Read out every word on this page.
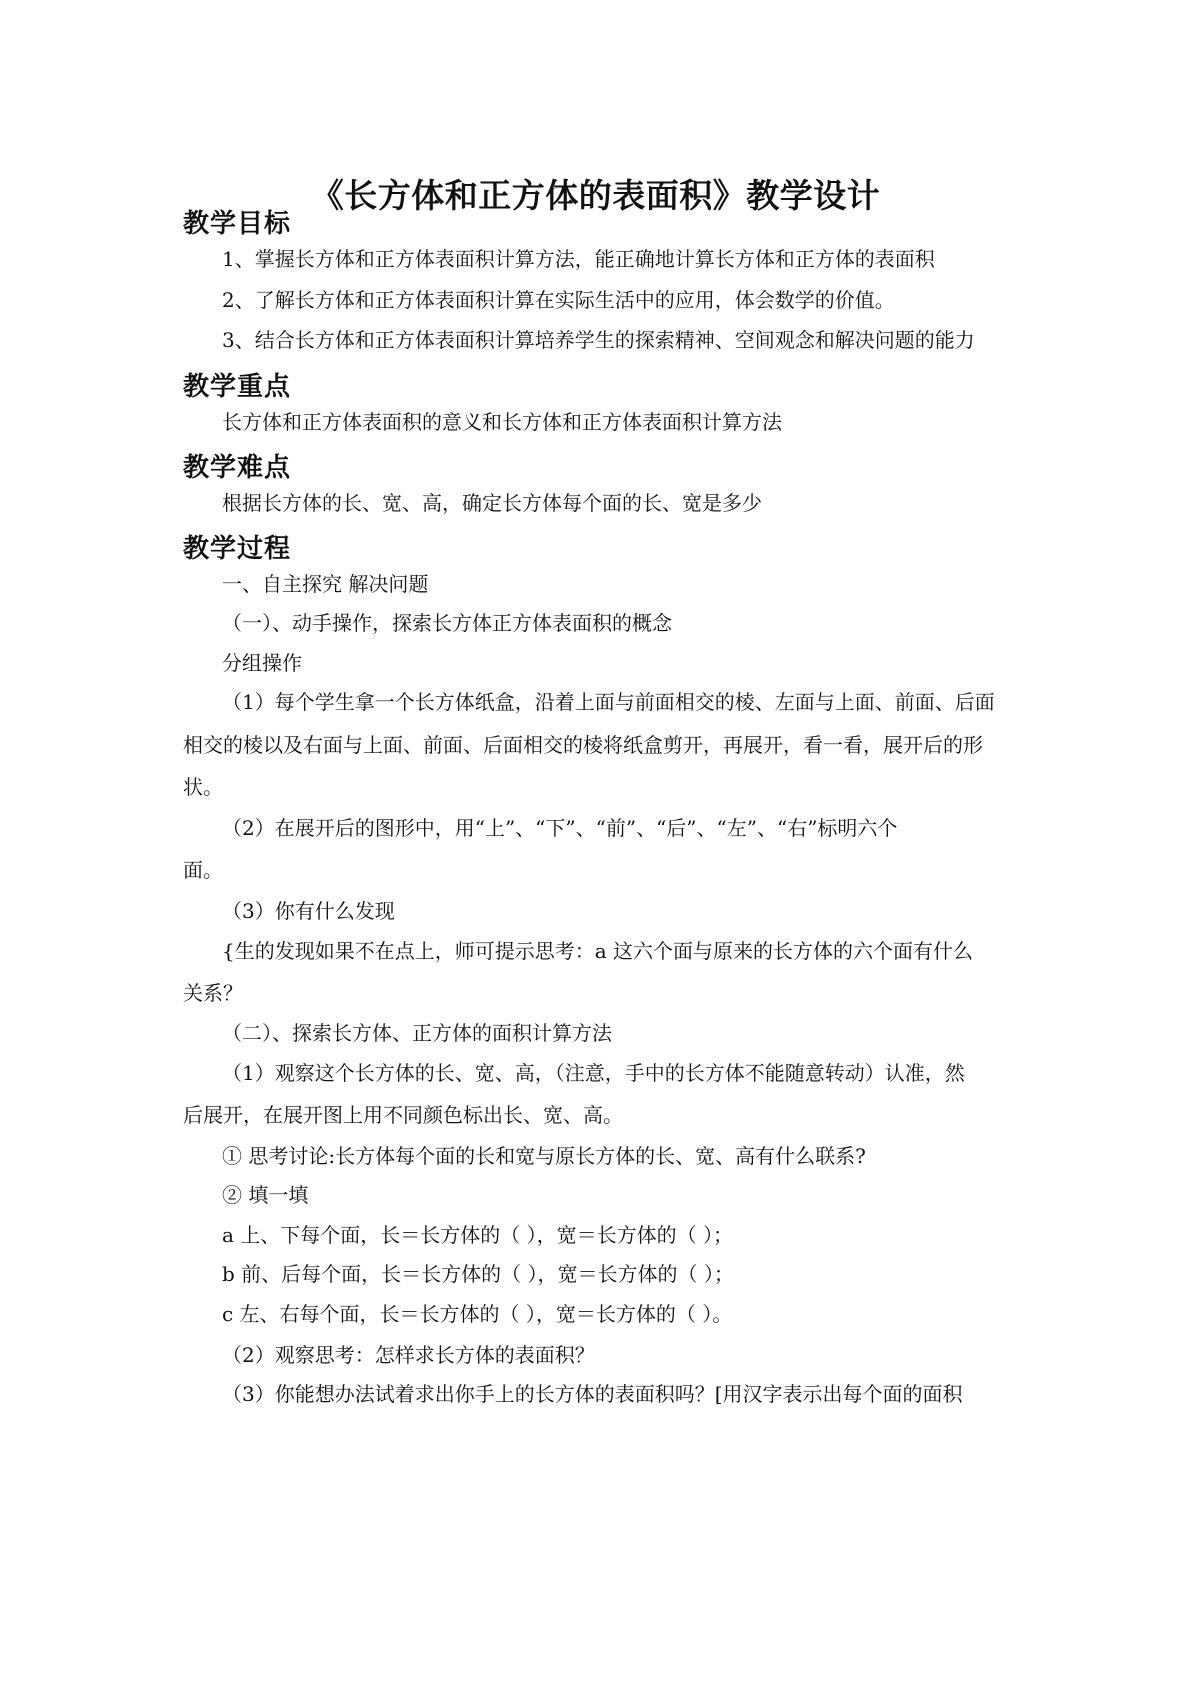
《长方体和正方体的表面积》教学设计
教学目标
1、掌握长方体和正方体表面积计算方法，能正确地计算长方体和正方体的表面积
2、了解长方体和正方体表面积计算在实际生活中的应用，体会数学的价值。
3、结合长方体和正方体表面积计算培养学生的探索精神、空间观念和解决问题的能力
教学重点
长方体和正方体表面积的意义和长方体和正方体表面积计算方法
教学难点
根据长方体的长、宽、高，确定长方体每个面的长、宽是多少
教学过程
一、自主探究 解决问题
（一）、动手操作，探索长方体正方体表面积的概念
分组操作
（1）每个学生拿一个长方体纸盒，沿着上面与前面相交的棱、左面与上面、前面、后面
相交的棱以及右面与上面、前面、后面相交的棱将纸盒剪开，再展开，看一看，展开后的形
状。
（2）在展开后的图形中，用“上”、“下”、“前”、“后”、“左”、“右”标明六个
面。
（3）你有什么发现
{生的发现如果不在点上，师可提示思考：a 这六个面与原来的长方体的六个面有什么
关系？
（二）、探索长方体、正方体的面积计算方法
（1）观察这个长方体的长、宽、高，（注意，手中的长方体不能随意转动）认准，然
后展开，在展开图上用不同颜色标出长、宽、高。
① 思考讨论:长方体每个面的长和宽与原长方体的长、宽、高有什么联系?
② 填一填
a 上、下每个面，长＝长方体的（ ），宽＝长方体的（ ）；
b 前、后每个面，长＝长方体的（ ），宽＝长方体的（ ）；
c 左、右每个面，长＝长方体的（ ），宽＝长方体的（ ）。
（2）观察思考：怎样求长方体的表面积？
（3）你能想办法试着求出你手上的长方体的表面积吗？[用汉字表示出每个面的面积
